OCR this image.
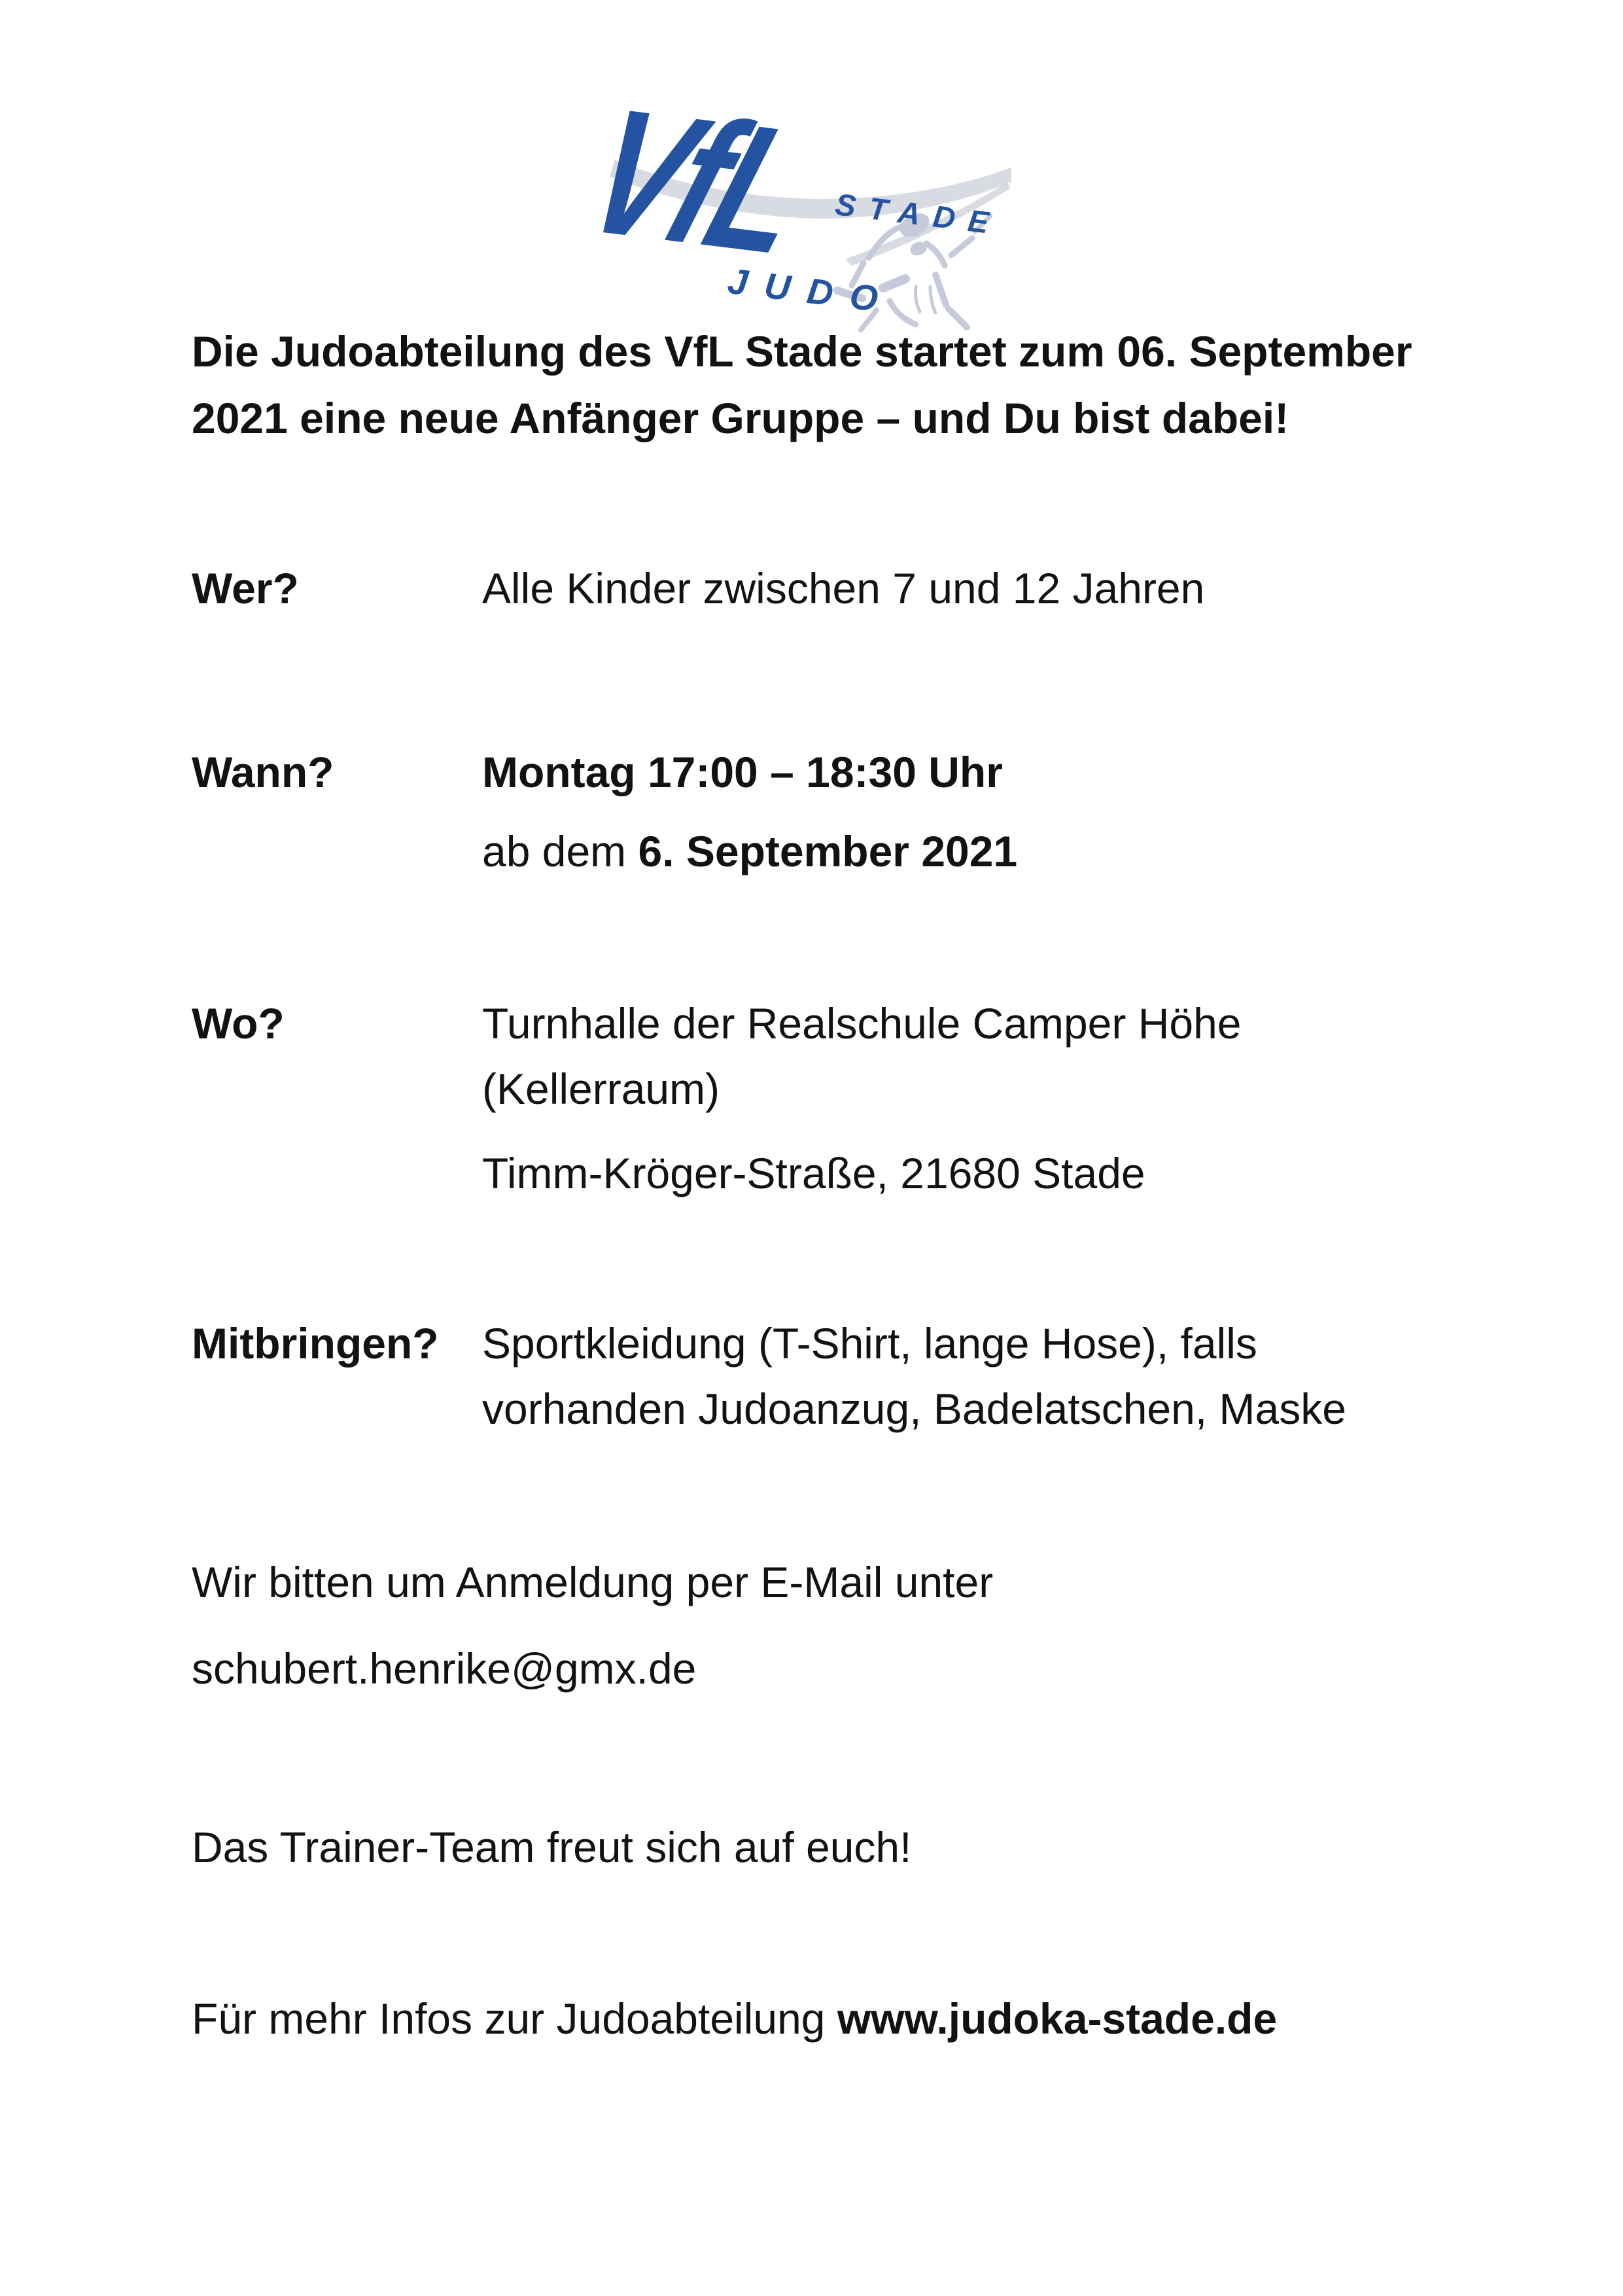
VfL STADE
JUDO
Die Judoabteilung des VfL Stade startet zum 06. September
2021 eine neue Anfänger Gruppe – und Du bist dabei!
Wer?	Alle Kinder zwischen 7 und 12 Jahren
Wann?	Montag 17:00 – 18:30 Uhr
ab dem 6. September 2021
Wo?	Turnhalle der Realschule Camper Höhe
(Kellerraum)
Timm-Kröger-Straße, 21680 Stade
Mitbringen?	Sportkleidung (T-Shirt, lange Hose), falls
vorhanden Judoanzug, Badelatschen, Maske
Wir bitten um Anmeldung per E-Mail unter
schubert.henrike@gmx.de
Das Trainer-Team freut sich auf euch!
Für mehr Infos zur Judoabteilung www.judoka-stade.de
